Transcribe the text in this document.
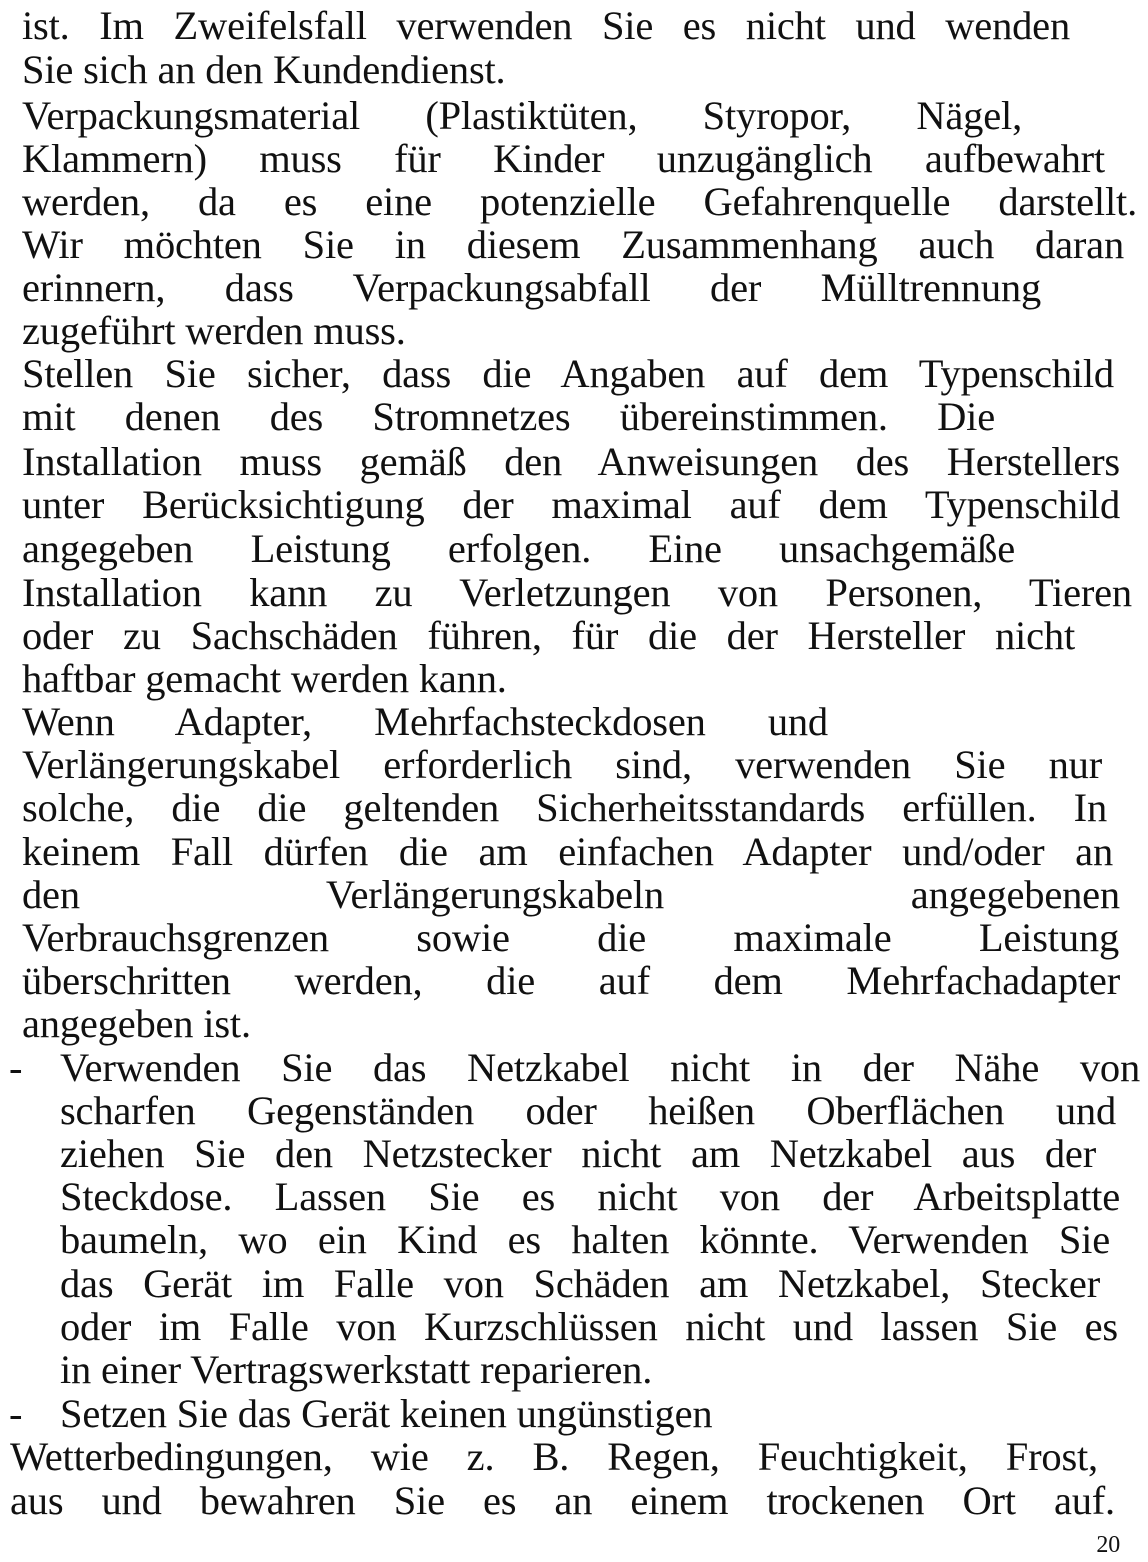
ist. Im Zweifelsfall verwenden Sie es nicht und wenden
Sie sich an den Kundendienst.
Verpackungsmaterial (Plastiktüten, Styropor, Nägel,
Klammern) muss für Kinder unzugänglich aufbewahrt
werden, da es eine potenzielle Gefahrenquelle darstellt.
Wir möchten Sie in diesem Zusammenhang auch daran
erinnern, dass Verpackungsabfall der Mülltrennung
zugeführt werden muss.
Stellen Sie sicher, dass die Angaben auf dem Typenschild
mit denen des Stromnetzes übereinstimmen. Die
Installation muss gemäß den Anweisungen des Herstellers
unter Berücksichtigung der maximal auf dem Typenschild
angegeben Leistung erfolgen. Eine unsachgemäße
Installation kann zu Verletzungen von Personen, Tieren
oder zu Sachschäden führen, für die der Hersteller nicht
haftbar gemacht werden kann.
Wenn Adapter, Mehrfachsteckdosen und
Verlängerungskabel erforderlich sind, verwenden Sie nur
solche, die die geltenden Sicherheitsstandards erfüllen. In
keinem Fall dürfen die am einfachen Adapter und/oder an
den Verlängerungskabeln angegebenen
Verbrauchsgrenzen sowie die maximale Leistung
überschritten werden, die auf dem Mehrfachadapter
angegeben ist.
- Verwenden Sie das Netzkabel nicht in der Nähe von
scharfen Gegenständen oder heißen Oberflächen und
ziehen Sie den Netzstecker nicht am Netzkabel aus der
Steckdose. Lassen Sie es nicht von der Arbeitsplatte
baumeln, wo ein Kind es halten könnte. Verwenden Sie
das Gerät im Falle von Schäden am Netzkabel, Stecker
oder im Falle von Kurzschlüssen nicht und lassen Sie es
in einer Vertragswerkstatt reparieren.
- Setzen Sie das Gerät keinen ungünstigen
Wetterbedingungen, wie z. B. Regen, Feuchtigkeit, Frost,
aus und bewahren Sie es an einem trockenen Ort auf.
20
